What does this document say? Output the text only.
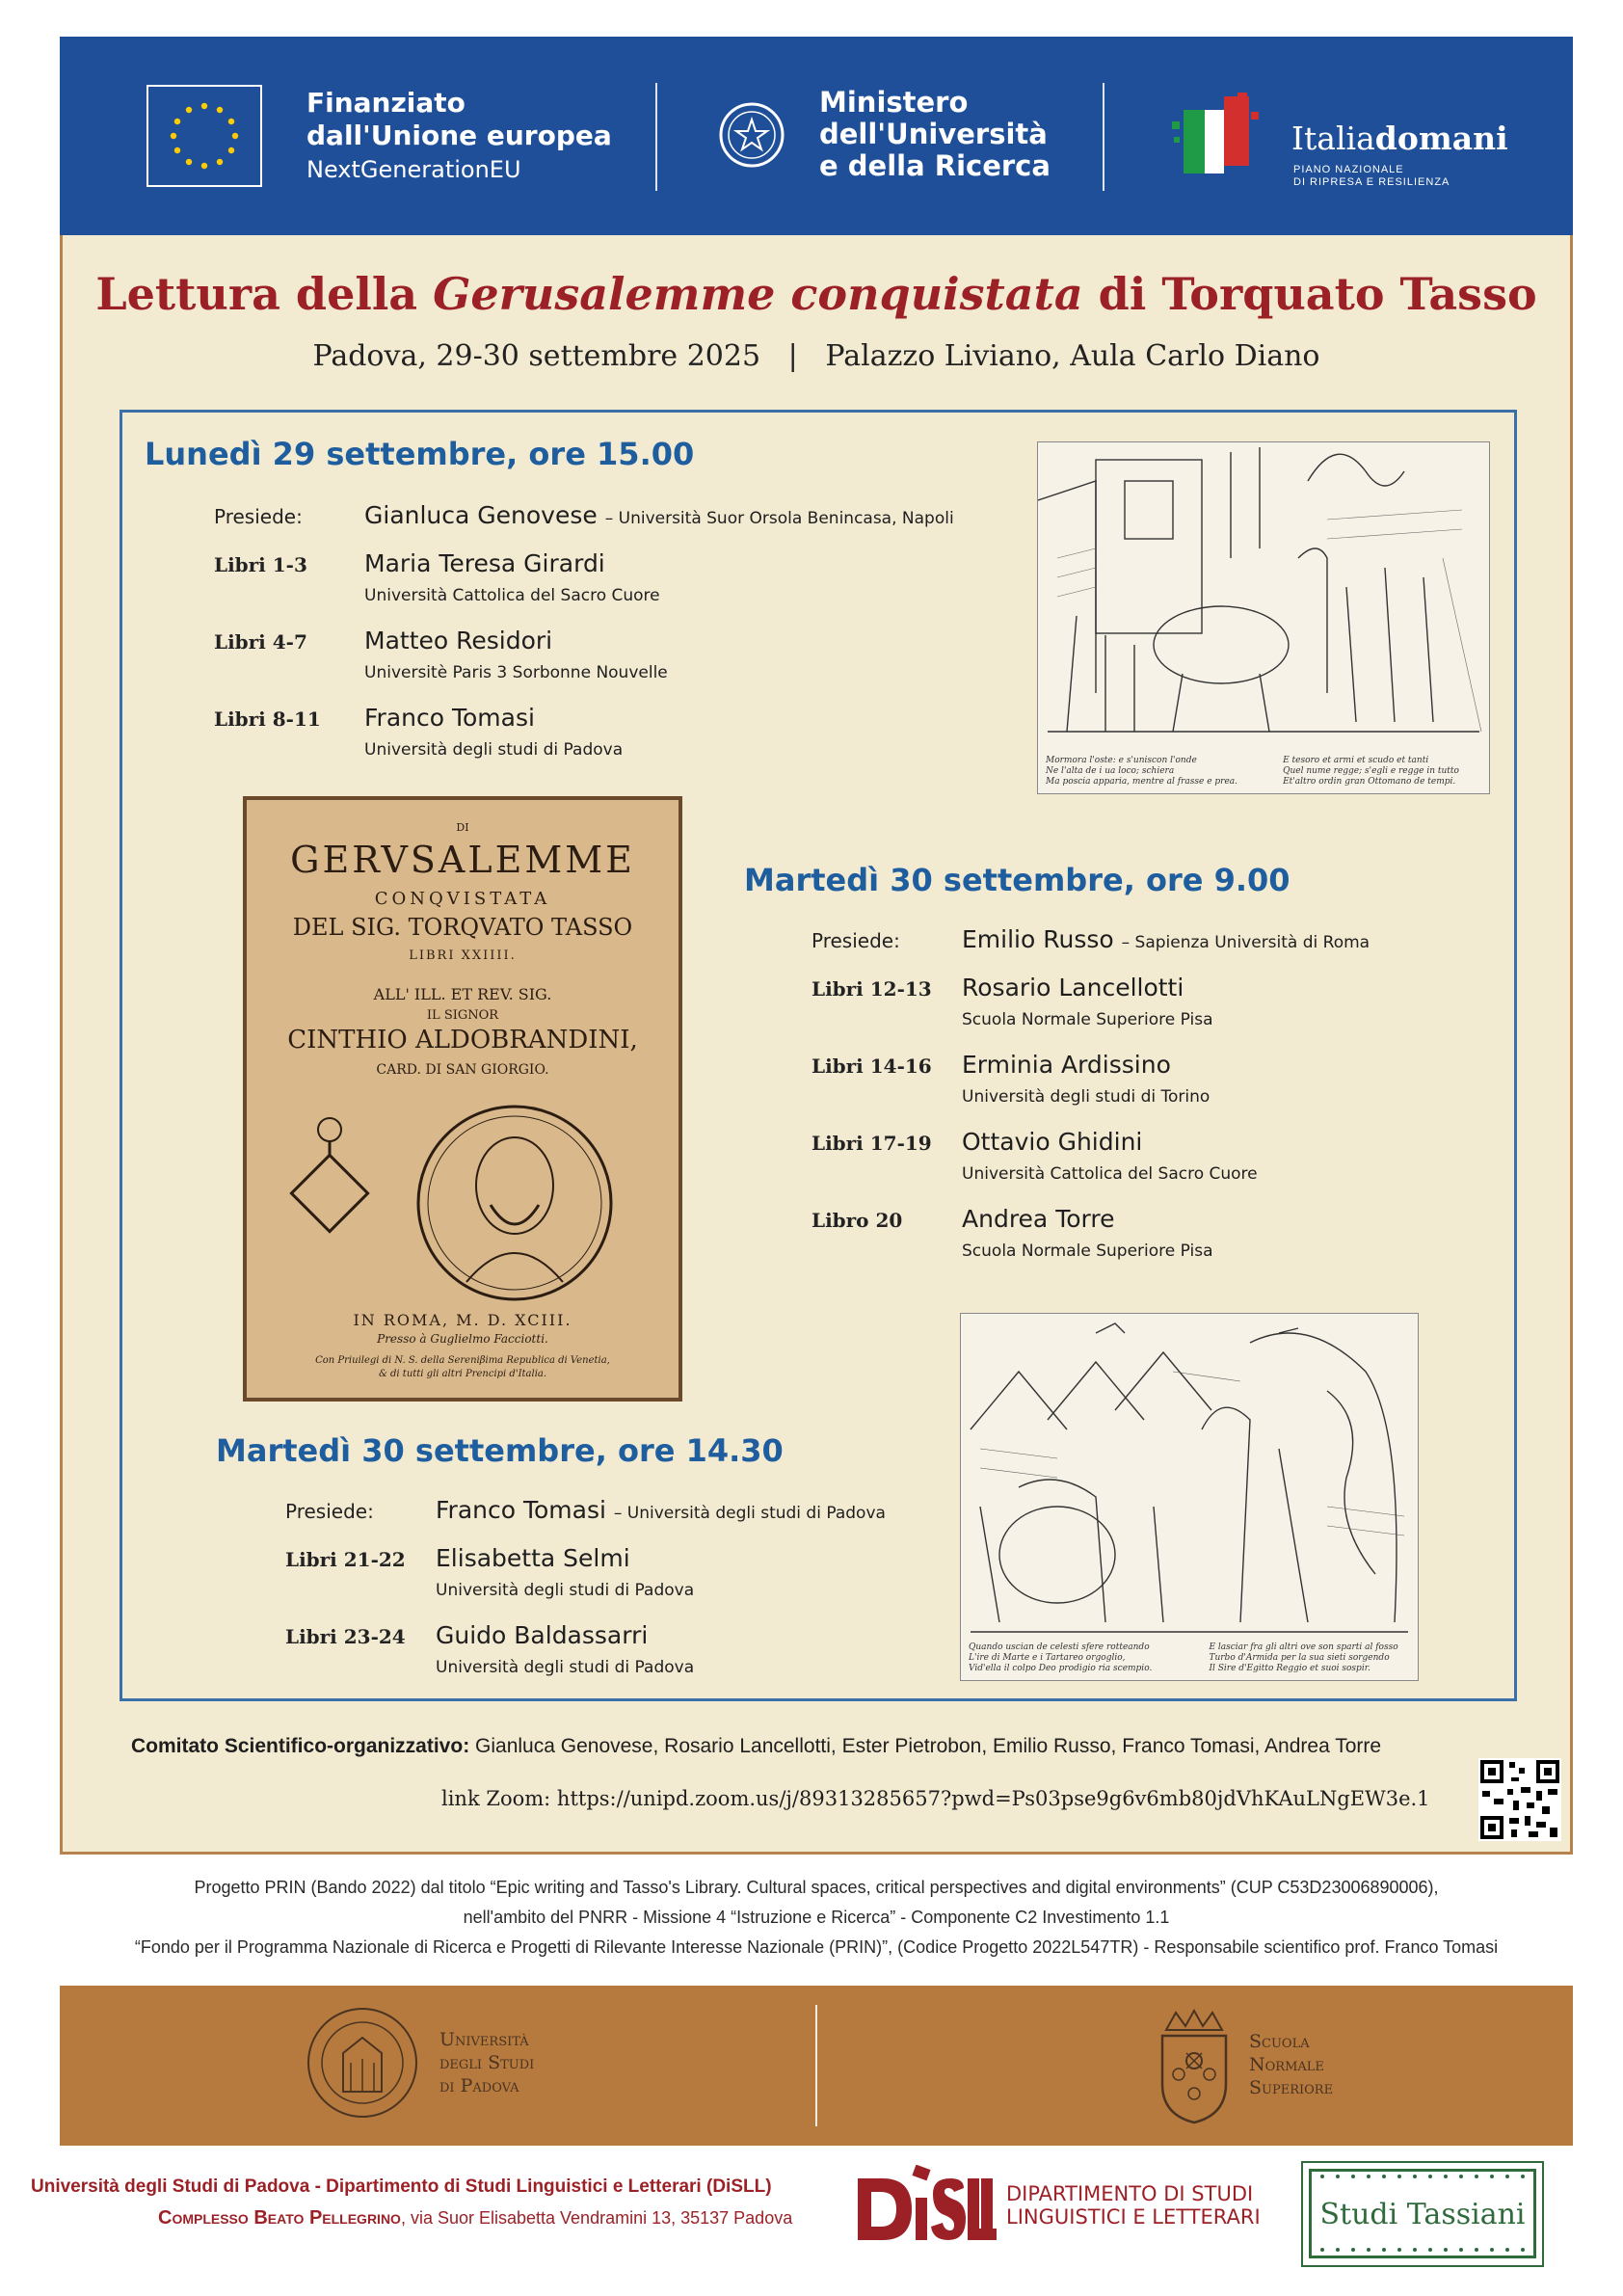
Finanziato
dall'Unione europea
NextGenerationEU
Ministero
dell'Università
e della Ricerca
Italiadomani
PIANO NAZIONALE
DI RIPRESA E RESILIENZA
Lettura della Gerusalemme conquistata di Torquato Tasso
Padova, 29-30 settembre 2025   |   Palazzo Liviano, Aula Carlo Diano
Lunedì 29 settembre, ore 15.00
Presiede:	Gianluca Genovese – Università Suor Orsola Benincasa, Napoli
Libri 1-3 Maria Teresa Girardi
Università Cattolica del Sacro Cuore
Libri 4-7 Matteo Residori
Universitè Paris 3 Sorbonne Nouvelle
Libri 8-11 Franco Tomasi
Università degli studi di Padova
Mormora l'oste: e s'uniscon l'onde
Ne l'alta de i ua loco; schiera
Ma poscia apparia, mentre al frasse e prea.
E tesoro et armi et scudo et tanti
Quel nume regge; s'egli e regge in tutto
Et'altro ordin gran Ottomano de tempi.
DI
GERVSALEMME
CONQVISTATA
DEL SIG. TORQVATO TASSO
LIBRI XXIIII.
ALL' ILL. ET REV. SIG.
IL SIGNOR
CINTHIO ALDOBRANDINI,
CARD. DI SAN GIORGIO.
IN ROMA, M. D. XCIII.
Presso à Guglielmo Facciotti.
Con Priuilegi di N. S. della Sereniβima Republica di Venetia,
& di tutti gli altri Prencipi d'Italia.
Martedì 30 settembre, ore 9.00
Presiede:	Emilio Russo – Sapienza Università di Roma
Libri 12-13 Rosario Lancellotti
Scuola Normale Superiore Pisa
Libri 14-16 Erminia Ardissino
Università degli studi di Torino
Libri 17-19 Ottavio Ghidini
Università Cattolica del Sacro Cuore
Libro 20 Andrea Torre
Scuola Normale Superiore Pisa
Quando uscian de celesti sfere rotteando
L'ire di Marte e i Tartareo orgoglio,
Vid'ella il colpo Deo prodigio ria scempio.
E lasciar fra gli altri ove son sparti al fosso
Turbo d'Armida per la sua sieti sorgendo
Il Sire d'Egitto Reggio et suoi sospir.
Martedì 30 settembre, ore 14.30
Presiede:	Franco Tomasi – Università degli studi di Padova
Libri 21-22 Elisabetta Selmi
Università degli studi di Padova
Libri 23-24 Guido Baldassarri
Università degli studi di Padova
Comitato Scientifico-organizzativo: Gianluca Genovese, Rosario Lancellotti, Ester Pietrobon, Emilio Russo, Franco Tomasi, Andrea Torre
link Zoom: https://unipd.zoom.us/j/89313285657?pwd=Ps03pse9g6v6mb80jdVhKAuLNgEW3e.1
Progetto PRIN (Bando 2022) dal titolo “Epic writing and Tasso's Library. Cultural spaces, critical perspectives and digital environments” (CUP C53D23006890006),
nell'ambito del PNRR - Missione 4 “Istruzione e Ricerca” - Componente C2 Investimento 1.1
“Fondo per il Programma Nazionale di Ricerca e Progetti di Rilevante Interesse Nazionale (PRIN)”, (Codice Progetto 2022L547TR) - Responsabile scientifico prof. Franco Tomasi
Università
degli Studi
di Padova
Scuola
Normale
Superiore
Università degli Studi di Padova - Dipartimento di Studi Linguistici e Letterari (DiSLL)
Complesso Beato Pellegrino, via Suor Elisabetta Vendramini 13, 35137 Padova
DIPARTIMENTO DI STUDI
LINGUISTICI E LETTERARI	Studi Tassiani
